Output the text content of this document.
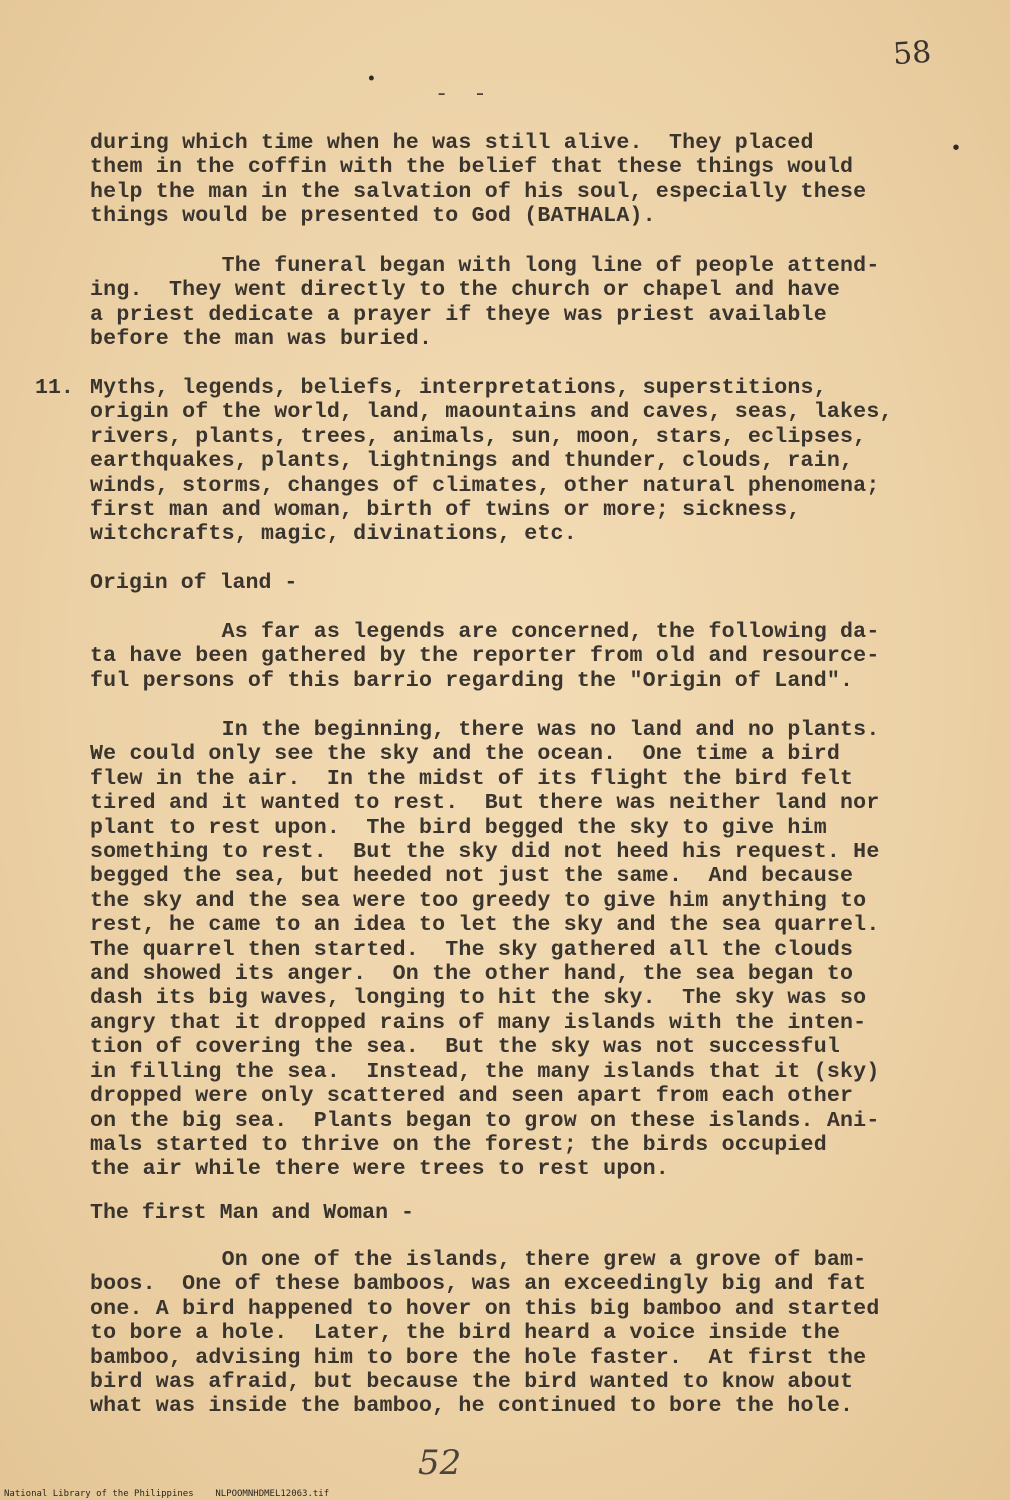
58
•
- -
•
during which time when he was still alive.  They placed
them in the coffin with the belief that these things would
help the man in the salvation of his soul, especially these
things would be presented to God (BATHALA).
The funeral began with long line of people attend-
ing.  They went directly to the church or chapel and have
a priest dedicate a prayer if theye was priest available
before the man was buried.
11. Myths, legends, beliefs, interpretations, superstitions,
origin of the world, land, maountains and caves, seas, lakes,
rivers, plants, trees, animals, sun, moon, stars, eclipses,
earthquakes, plants, lightnings and thunder, clouds, rain,
winds, storms, changes of climates, other natural phenomena;
first man and woman, birth of twins or more; sickness,
witchcrafts, magic, divinations, etc.
Origin of land -
As far as legends are concerned, the following da-
ta have been gathered by the reporter from old and resource-
ful persons of this barrio regarding the "Origin of Land".
In the beginning, there was no land and no plants.
We could only see the sky and the ocean.  One time a bird
flew in the air.  In the midst of its flight the bird felt
tired and it wanted to rest.  But there was neither land nor
plant to rest upon.  The bird begged the sky to give him
something to rest.  But the sky did not heed his request. He
begged the sea, but heeded not just the same.  And because
the sky and the sea were too greedy to give him anything to
rest, he came to an idea to let the sky and the sea quarrel.
The quarrel then started.  The sky gathered all the clouds
and showed its anger.  On the other hand, the sea began to
dash its big waves, longing to hit the sky.  The sky was so
angry that it dropped rains of many islands with the inten-
tion of covering the sea.  But the sky was not successful
in filling the sea.  Instead, the many islands that it (sky)
dropped were only scattered and seen apart from each other
on the big sea.  Plants began to grow on these islands. Ani-
mals started to thrive on the forest; the birds occupied
the air while there were trees to rest upon.
The first Man and Woman -
On one of the islands, there grew a grove of bam-
boos.  One of these bamboos, was an exceedingly big and fat
one. A bird happened to hover on this big bamboo and started
to bore a hole.  Later, the bird heard a voice inside the
bamboo, advising him to bore the hole faster.  At first the
bird was afraid, but because the bird wanted to know about
what was inside the bamboo, he continued to bore the hole.
52
National Library of the Philippines NLPOOMNHDMEL12063.tif
